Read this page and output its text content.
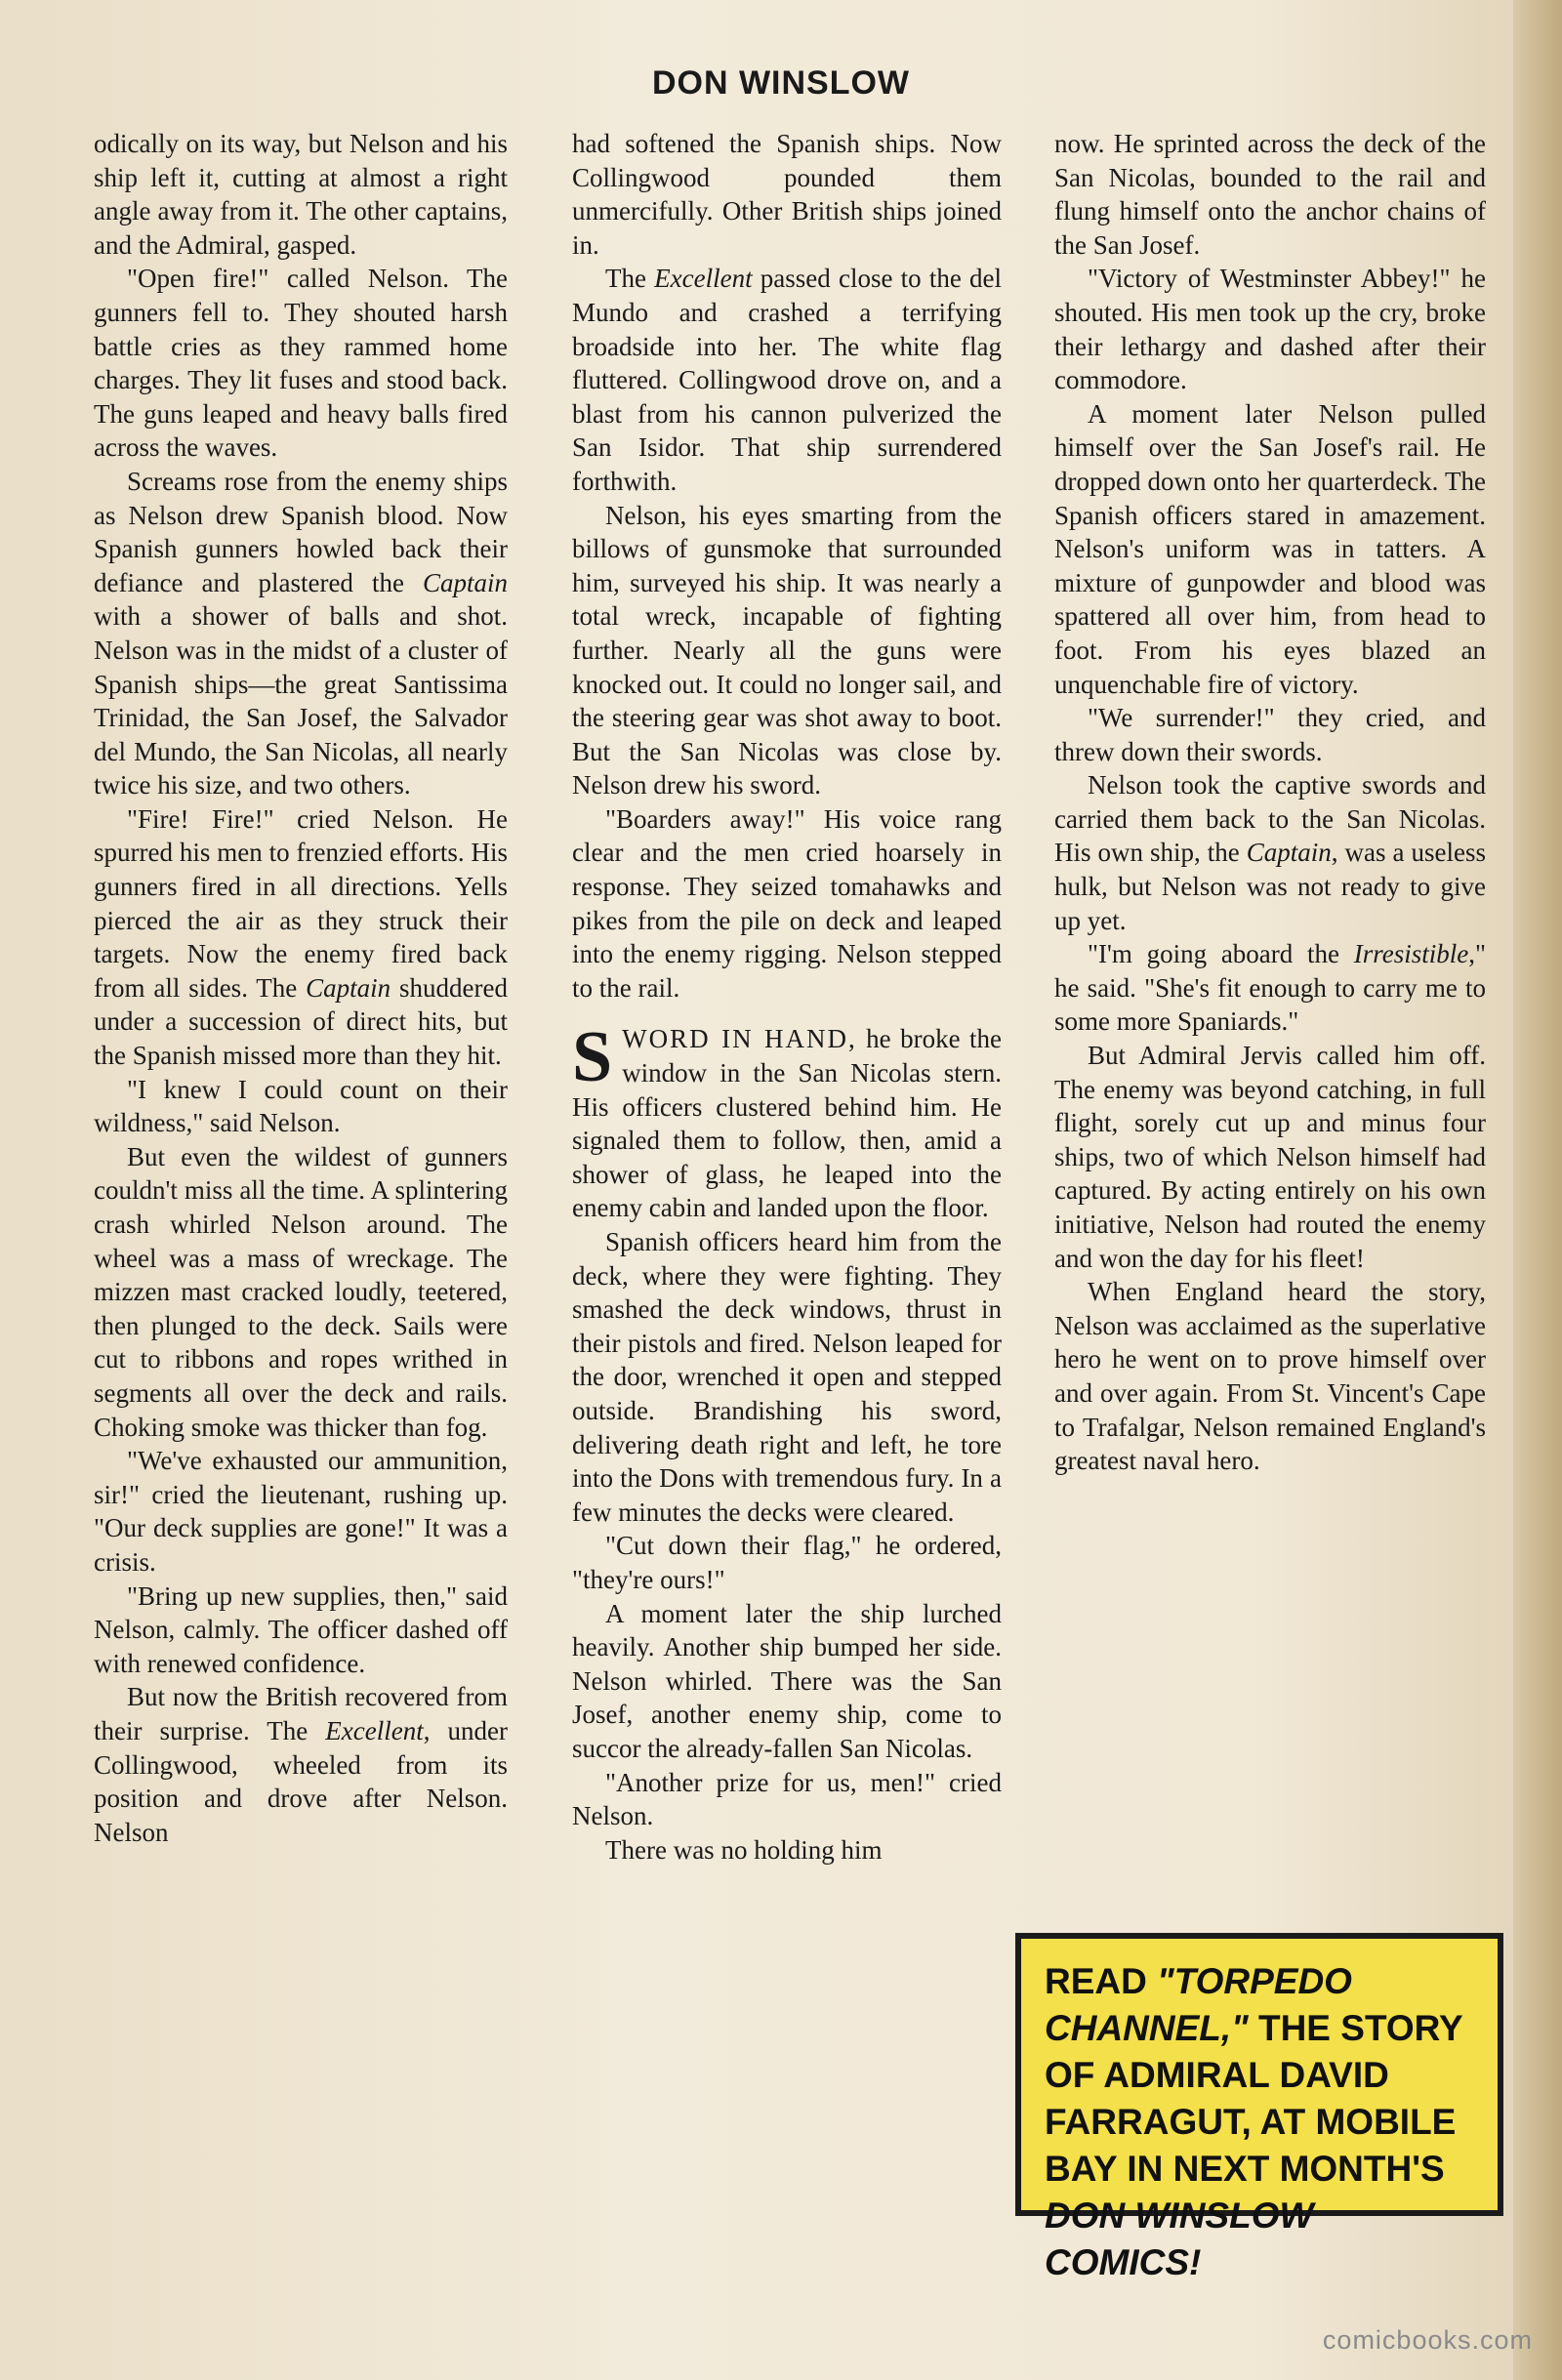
DON WINSLOW

odically on its way, but Nelson and his ship left it, cutting at almost a right angle away from it. The other captains, and the Admiral, gasped.

"Open fire!" called Nelson. The gunners fell to. They shouted harsh battle cries as they rammed home charges. They lit fuses and stood back. The guns leaped and heavy balls fired across the waves.

Screams rose from the enemy ships as Nelson drew Spanish blood. Now Spanish gunners howled back their defiance and plastered the Captain with a shower of balls and shot. Nelson was in the midst of a cluster of Spanish ships—the great Santissima Trinidad, the San Josef, the Salvador del Mundo, the San Nicolas, all nearly twice his size, and two others.

"Fire! Fire!" cried Nelson. He spurred his men to frenzied efforts. His gunners fired in all directions. Yells pierced the air as they struck their targets. Now the enemy fired back from all sides. The Captain shuddered under a succession of direct hits, but the Spanish missed more than they hit.

"I knew I could count on their wildness," said Nelson.

But even the wildest of gunners couldn't miss all the time. A splintering crash whirled Nelson around. The wheel was a mass of wreckage. The mizzen mast cracked loudly, teetered, then plunged to the deck. Sails were cut to ribbons and ropes writhed in segments all over the deck and rails. Choking smoke was thicker than fog.

"We've exhausted our ammunition, sir!" cried the lieutenant, rushing up. "Our deck supplies are gone!" It was a crisis.

"Bring up new supplies, then," said Nelson, calmly. The officer dashed off with renewed confidence.

But now the British recovered from their surprise. The Excellent, under Collingwood, wheeled from its position and drove after Nelson. Nelson

had softened the Spanish ships. Now Collingwood pounded them unmercifully. Other British ships joined in.

The Excellent passed close to the del Mundo and crashed a terrifying broadside into her. The white flag fluttered. Collingwood drove on, and a blast from his cannon pulverized the San Isidor. That ship surrendered forthwith.

Nelson, his eyes smarting from the billows of gunsmoke that surrounded him, surveyed his ship. It was nearly a total wreck, incapable of fighting further. Nearly all the guns were knocked out. It could no longer sail, and the steering gear was shot away to boot. But the San Nicolas was close by. Nelson drew his sword.

"Boarders away!" His voice rang clear and the men cried hoarsely in response. They seized tomahawks and pikes from the pile on deck and leaped into the enemy rigging. Nelson stepped to the rail.

SWORD IN HAND, he broke the window in the San Nicolas stern. His officers clustered behind him. He signaled them to follow, then, amid a shower of glass, he leaped into the enemy cabin and landed upon the floor.

Spanish officers heard him from the deck, where they were fighting. They smashed the deck windows, thrust in their pistols and fired. Nelson leaped for the door, wrenched it open and stepped outside. Brandishing his sword, delivering death right and left, he tore into the Dons with tremendous fury. In a few minutes the decks were cleared.

"Cut down their flag," he ordered, "they're ours!"

A moment later the ship lurched heavily. Another ship bumped her side. Nelson whirled. There was the San Josef, another enemy ship, come to succor the already-fallen San Nicolas.

"Another prize for us, men!" cried Nelson.

There was no holding him

now. He sprinted across the deck of the San Nicolas, bounded to the rail and flung himself onto the anchor chains of the San Josef.

"Victory of Westminster Abbey!" he shouted. His men took up the cry, broke their lethargy and dashed after their commodore.

A moment later Nelson pulled himself over the San Josef's rail. He dropped down onto her quarterdeck. The Spanish officers stared in amazement. Nelson's uniform was in tatters. A mixture of gunpowder and blood was spattered all over him, from head to foot. From his eyes blazed an unquenchable fire of victory.

"We surrender!" they cried, and threw down their swords.

Nelson took the captive swords and carried them back to the San Nicolas. His own ship, the Captain, was a useless hulk, but Nelson was not ready to give up yet.

"I'm going aboard the Irresistible," he said. "She's fit enough to carry me to some more Spaniards."

But Admiral Jervis called him off. The enemy was beyond catching, in full flight, sorely cut up and minus four ships, two of which Nelson himself had captured. By acting entirely on his own initiative, Nelson had routed the enemy and won the day for his fleet!

When England heard the story, Nelson was acclaimed as the superlative hero he went on to prove himself over and over again. From St. Vincent's Cape to Trafalgar, Nelson remained England's greatest naval hero.

READ "TORPEDO CHANNEL," THE STORY OF ADMIRAL DAVID FARRAGUT, AT MOBILE BAY IN NEXT MONTH'S DON WINSLOW COMICS!
comicbooks.com
